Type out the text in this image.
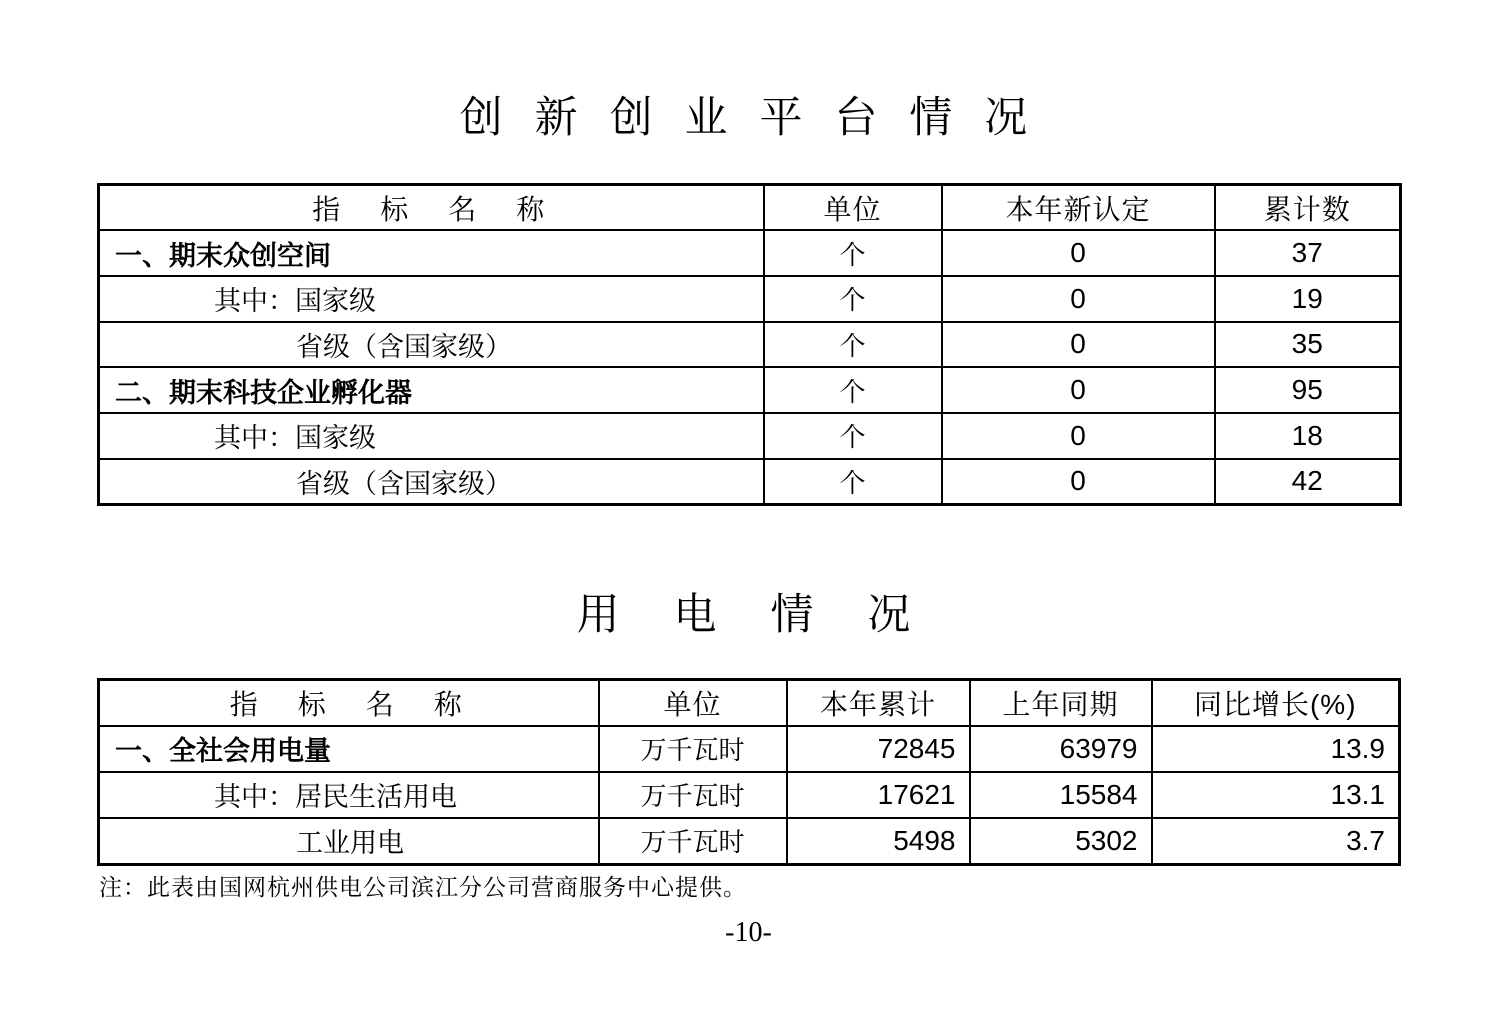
创 新 创 业 平 台 情 况
指　标　名　称	单位	本年新认定	累计数
一、期末众创空间	个	0	37
其中：国家级	个	0	19
省级（含国家级）	个	0	35
二、期末科技企业孵化器	个	0	95
其中：国家级	个	0	18
省级（含国家级）	个	0	42
用  电  情  况
指　标　名　称	单位	本年累计	上年同期	同比增长(%)
一、全社会用电量	万千瓦时	72845	63979	13.9
其中：居民生活用电	万千瓦时	17621	15584	13.1
工业用电	万千瓦时	5498	5302	3.7
注：此表由国网杭州供电公司滨江分公司营商服务中心提供。
-10-
